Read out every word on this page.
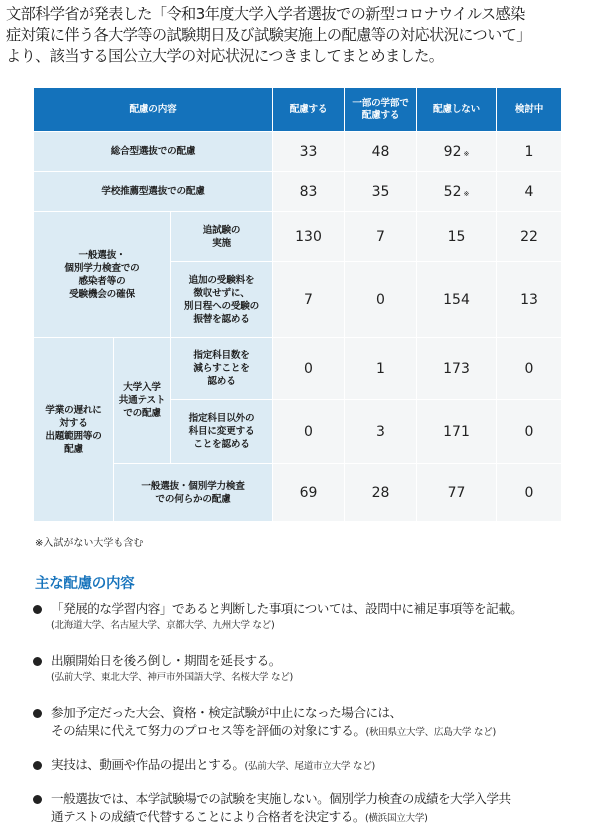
文部科学省が発表した「令和3年度大学入学者選抜での新型コロナウイルス感染

症対策に伴う各大学等の試験期日及び試験実施上の配慮等の対応状況について」

より、該当する国公立大学の対応状況につきましてまとめました。

配慮の内容			配慮する	一部の学部で
配慮する	配慮しない	検討中
総合型選抜での配慮			33	48	92 ※	1
学校推薦型選抜での配慮			83	35	52 ※	4
一般選抜・
個別学力検査での
感染者等の
受験機会の確保		追試験の
実施	130	7	15	22
		追加の受験料を
徴収せずに、
別日程への受験の
振替を認める	7	0	154	13
学業の遅れに
対する
出題範囲等の
配慮	大学入学
共通テスト
での配慮	指定科目数を
減らすことを
認める	0	1	173	0
		指定科目以外の
科目に変更する
ことを認める	0	3	171	0
	一般選抜・個別学力検査
での何らかの配慮		69	28	77	0
※入試がない大学も含む
主な配慮の内容
「発展的な学習内容」であると判断した事項については、設問中に補足事項等を記載。
(北海道大学、名古屋大学、京都大学、九州大学 など)
出願開始日を後ろ倒し・期間を延長する。
(弘前大学、東北大学、神戸市外国語大学、名桜大学 など)
参加予定だった大会、資格・検定試験が中止になった場合には、
その結果に代えて努力のプロセス等を評価の対象にする。(秋田県立大学、広島大学 など)
実技は、動画や作品の提出とする。(弘前大学、尾道市立大学 など)
一般選抜では、本学試験場での試験を実施しない。個別学力検査の成績を大学入学共
通テストの成績で代替することにより合格者を決定する。(横浜国立大学)
